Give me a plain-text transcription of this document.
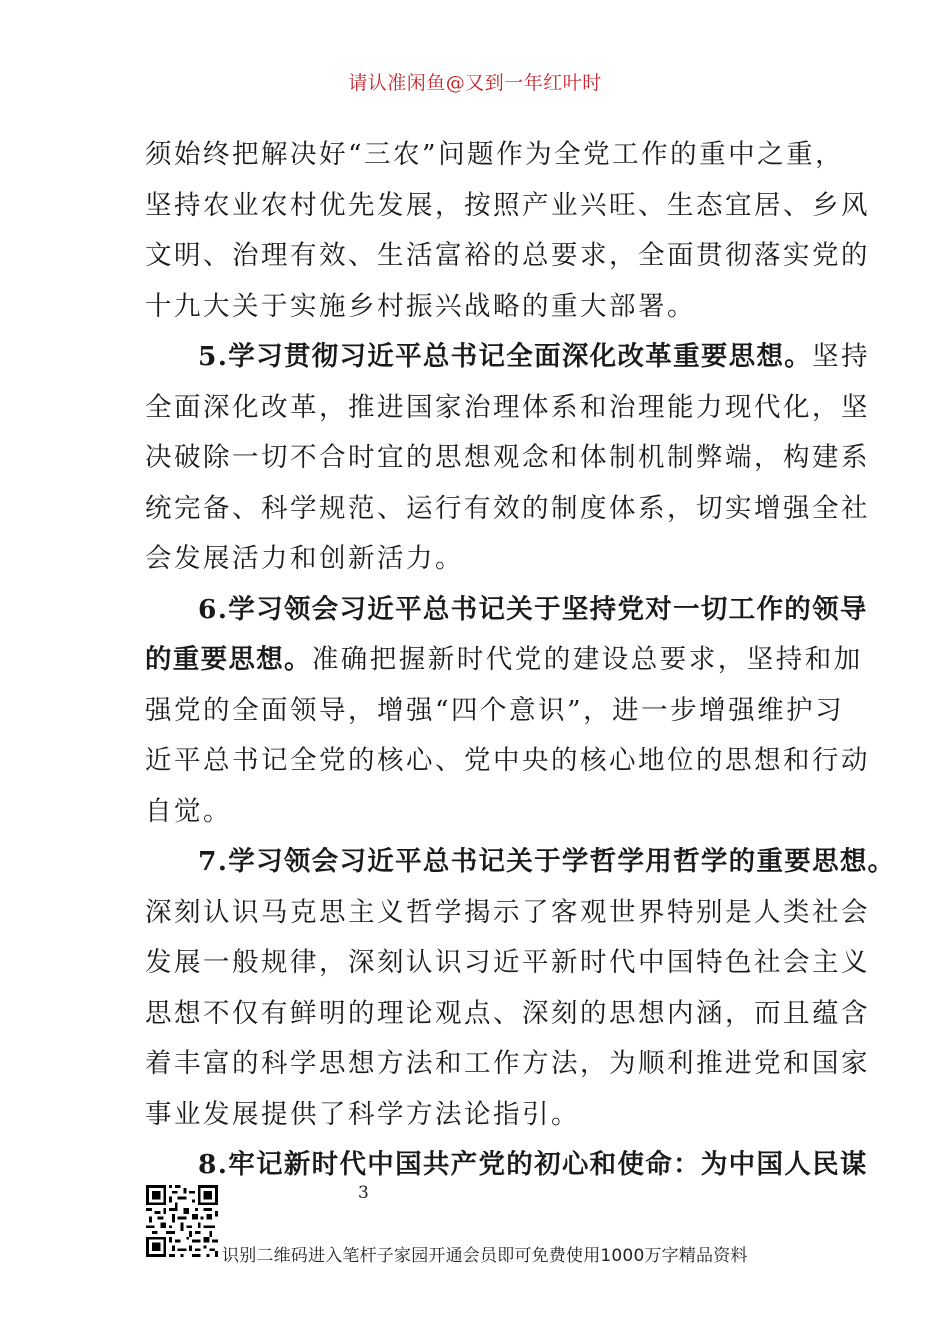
请认准闲鱼@又到一年红叶时
须始终把解决好“三农”问题作为全党工作的重中之重，
坚持农业农村优先发展，按照产业兴旺、生态宜居、乡风
文明、治理有效、生活富裕的总要求，全面贯彻落实党的
十九大关于实施乡村振兴战略的重大部署。
5.学习贯彻习近平总书记全面深化改革重要思想。坚持
全面深化改革，推进国家治理体系和治理能力现代化，坚
决破除一切不合时宜的思想观念和体制机制弊端，构建系
统完备、科学规范、运行有效的制度体系，切实增强全社
会发展活力和创新活力。
6.学习领会习近平总书记关于坚持党对一切工作的领导
的重要思想。准确把握新时代党的建设总要求，坚持和加
强党的全面领导，增强“四个意识”，进一步增强维护习
近平总书记全党的核心、党中央的核心地位的思想和行动
自觉。
7.学习领会习近平总书记关于学哲学用哲学的重要思想。
深刻认识马克思主义哲学揭示了客观世界特别是人类社会
发展一般规律，深刻认识习近平新时代中国特色社会主义
思想不仅有鲜明的理论观点、深刻的思想内涵，而且蕴含
着丰富的科学思想方法和工作方法，为顺利推进党和国家
事业发展提供了科学方法论指引。
8.牢记新时代中国共产党的初心和使命：为中国人民谋
3
识别二维码进入笔杆子家园开通会员即可免费使用1000万字精品资料
